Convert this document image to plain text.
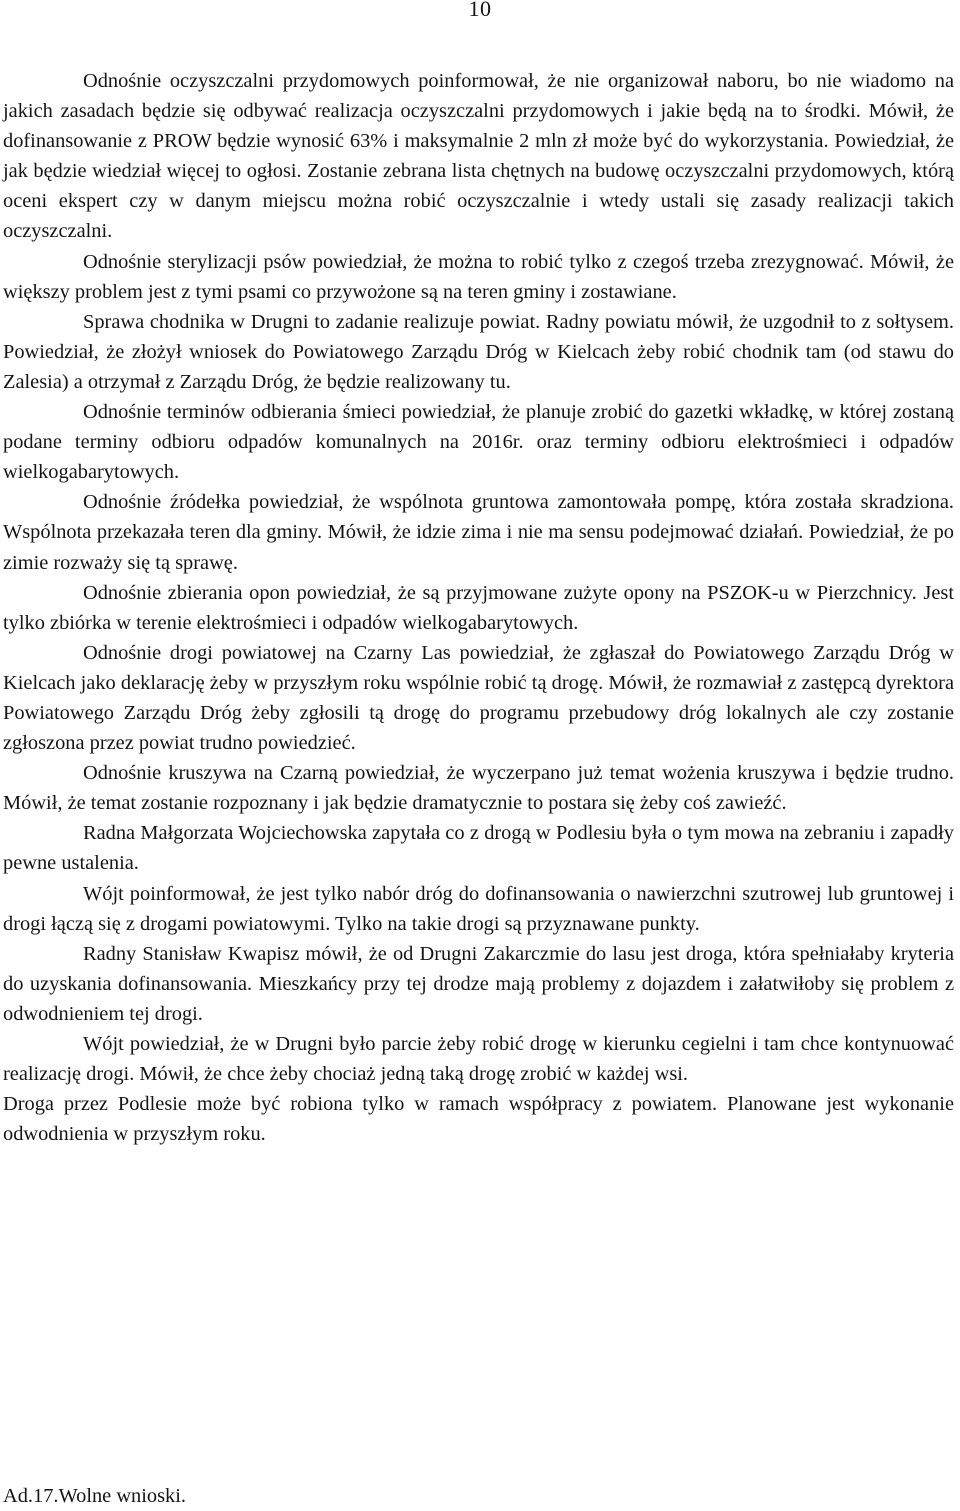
10

Odnośnie oczyszczalni przydomowych poinformował, że nie organizował naboru, bo nie wiadomo na jakich zasadach będzie się odbywać realizacja oczyszczalni przydomowych i jakie będą na to środki. Mówił, że dofinansowanie z PROW będzie wynosić 63% i maksymalnie 2 mln zł może być do wykorzystania. Powiedział, że jak będzie wiedział więcej to ogłosi. Zostanie zebrana lista chętnych na budowę oczyszczalni przydomowych, którą oceni ekspert czy w danym miejscu można robić oczyszczalnie i wtedy ustali się zasady realizacji takich oczyszczalni.

Odnośnie sterylizacji psów powiedział, że można to robić tylko z czegoś trzeba zrezygnować. Mówił, że większy problem jest z tymi psami co przywożone są na teren gminy i zostawiane.

Sprawa chodnika w Drugni to zadanie realizuje powiat. Radny powiatu mówił, że uzgodnił to z sołtysem. Powiedział, że złożył wniosek do Powiatowego Zarządu Dróg w Kielcach żeby robić chodnik tam (od stawu do Zalesia) a otrzymał z Zarządu Dróg, że będzie realizowany tu.

Odnośnie terminów odbierania śmieci powiedział, że planuje zrobić do gazetki wkładkę, w której zostaną podane terminy odbioru odpadów komunalnych na 2016r. oraz terminy odbioru elektrośmieci i odpadów wielkogabarytowych.

Odnośnie źródełka powiedział, że wspólnota gruntowa zamontowała pompę, która została skradziona. Wspólnota przekazała teren dla gminy. Mówił, że idzie zima i nie ma sensu podejmować działań. Powiedział, że po zimie rozważy się tą sprawę.

Odnośnie zbierania opon powiedział, że są przyjmowane zużyte opony na PSZOK-u w Pierzchnicy. Jest tylko zbiórka w terenie elektrośmieci i odpadów wielkogabarytowych.

Odnośnie drogi powiatowej na Czarny Las powiedział, że zgłaszał do Powiatowego Zarządu Dróg w Kielcach jako deklarację żeby w przyszłym roku wspólnie robić tą drogę. Mówił, że rozmawiał z zastępcą dyrektora Powiatowego Zarządu Dróg żeby zgłosili tą drogę do programu przebudowy dróg lokalnych ale czy zostanie zgłoszona przez powiat trudno powiedzieć.

Odnośnie kruszywa na Czarną powiedział, że wyczerpano już temat wożenia kruszywa i będzie trudno. Mówił, że temat zostanie rozpoznany i jak będzie dramatycznie to postara się żeby coś zawieźć.

Radna Małgorzata Wojciechowska zapytała co z drogą w Podlesiu była o tym mowa na zebraniu i zapadły pewne ustalenia.

Wójt poinformował, że jest tylko nabór dróg do dofinansowania o nawierzchni szutrowej lub gruntowej i drogi łączą się z drogami powiatowymi. Tylko na takie drogi są przyznawane punkty.

Radny Stanisław Kwapisz mówił, że od Drugni Zakarczmie do lasu jest droga, która spełniałaby kryteria do uzyskania dofinansowania. Mieszkańcy przy tej drodze mają problemy z dojazdem i załatwiłoby się problem z odwodnieniem tej drogi.

Wójt powiedział, że w Drugni było parcie żeby robić drogę w kierunku cegielni i tam chce kontynuować realizację drogi. Mówił, że chce żeby chociaż jedną taką drogę zrobić w każdej wsi.

Droga przez Podlesie może być robiona tylko w ramach współpracy z powiatem. Planowane jest wykonanie odwodnienia w przyszłym roku.

Ad.17.Wolne wnioski.
